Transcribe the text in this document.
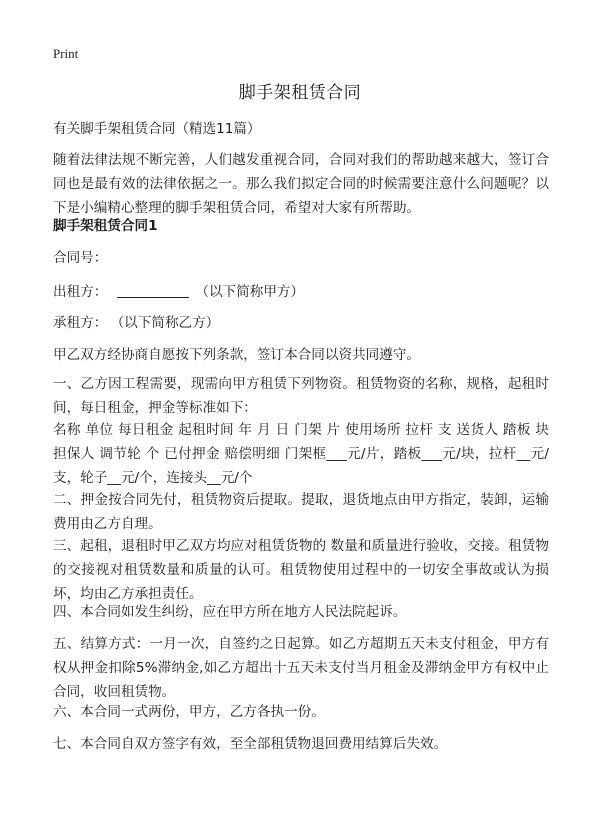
Print
脚手架租赁合同
有关脚手架租赁合同（精选11篇）
随着法律法规不断完善，人们越发重视合同，合同对我们的帮助越来越大，签订合同也是最有效的法律依据之一。那么我们拟定合同的时候需要注意什么问题呢？以下是小编精心整理的脚手架租赁合同，希望对大家有所帮助。
脚手架租赁合同1
合同号：
出租方：	（以下简称甲方）
承租方： （以下简称乙方）
甲乙双方经协商自愿按下列条款，签订本合同以资共同遵守。
一、乙方因工程需要，现需向甲方租赁下列物资。租赁物资的名称，规格，起租时间，每日租金，押金等标准如下：
名称 单位 每日租金 起租时间 年 月 日 门架 片 使用场所 拉杆 支 送货人 踏板 块 担保人 调节轮 个 已付押金 赔偿明细 门架框___元/片，踏板___元/块，拉杆__元/支，轮子__元/个，连接头__元/个
二、押金按合同先付，租赁物资后提取。提取，退货地点由甲方指定，装卸，运输费用由乙方自理。
三、起租，退租时甲乙双方均应对租赁货物的 数量和质量进行验收，交接。租赁物的交接视对租赁数量和质量的认可。租赁物使用过程中的一切安全事故或认为损坏，均由乙方承担责任。
四、本合同如发生纠纷，应在甲方所在地方人民法院起诉。
五、结算方式：一月一次，自签约之日起算。如乙方超期五天未支付租金，甲方有权从押金扣除5%滞纳金,如乙方超出十五天未支付当月租金及滞纳金甲方有权中止合同，收回租赁物。
六、本合同一式两份，甲方，乙方各执一份。
七、本合同自双方签字有效，至全部租赁物退回费用结算后失效。
